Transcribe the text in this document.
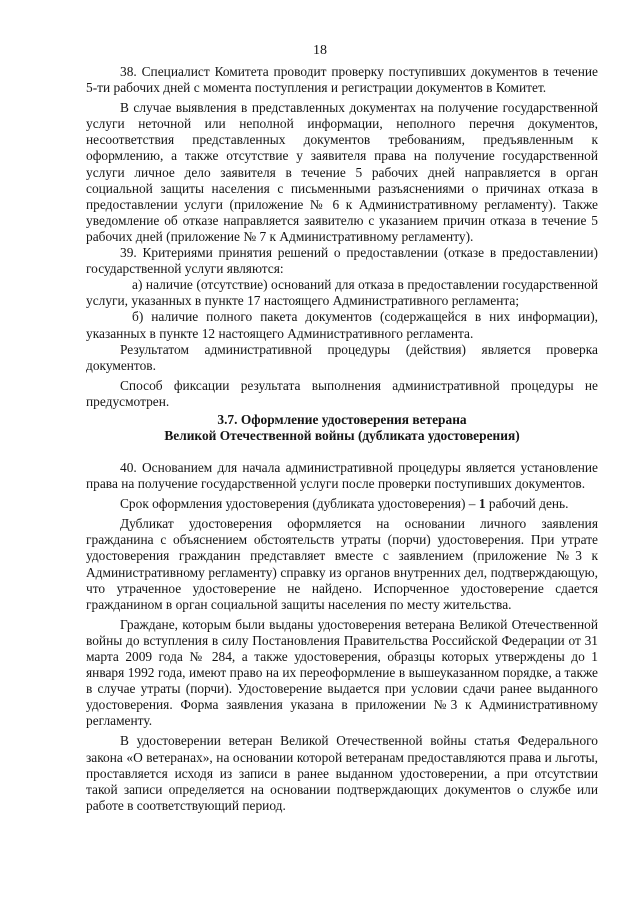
18

38. Специалист Комитета проводит проверку поступивших документов в течение 5-ти рабочих дней с момента поступления и регистрации документов в Комитет.

В случае выявления в представленных документах на получение государственной услуги неточной или неполной информации, неполного перечня документов, несоответствия представленных документов требованиям, предъявленным к оформлению, а также отсутствие у заявителя права на получение государственной услуги личное дело заявителя в течение 5 рабочих дней направляется в орган социальной защиты населения с письменными разъяснениями о причинах отказа в предоставлении услуги (приложение № 6 к Административному регламенту). Также уведомление об отказе направляется заявителю с указанием причин отказа в течение 5 рабочих дней (приложение № 7 к Административному регламенту).

39. Критериями принятия решений о предоставлении (отказе в предоставлении) государственной услуги являются:

а) наличие (отсутствие) оснований для отказа в предоставлении государственной услуги, указанных в пункте 17 настоящего Административного регламента;

б) наличие полного пакета документов (содержащейся в них информации), указанных в пункте 12 настоящего Административного регламента.

Результатом административной процедуры (действия) является проверка документов.

Способ фиксации результата выполнения административной процедуры не предусмотрен.

3.7. Оформление удостоверения ветерана
Великой Отечественной войны (дубликата удостоверения)

40. Основанием для начала административной процедуры является установление права на получение государственной услуги после проверки поступивших документов.

Срок оформления удостоверения (дубликата удостоверения) – 1 рабочий день.

Дубликат удостоверения оформляется на основании личного заявления гражданина с объяснением обстоятельств утраты (порчи) удостоверения. При утрате удостоверения гражданин представляет вместе с заявлением (приложение №3 к Административному регламенту) справку из органов внутренних дел, подтверждающую, что утраченное удостоверение не найдено. Испорченное удостоверение сдается гражданином в орган социальной защиты населения по месту жительства.

Граждане, которым были выданы удостоверения ветерана Великой Отечественной войны до вступления в силу Постановления Правительства Российской Федерации от 31 марта 2009 года № 284, а также удостоверения, образцы которых утверждены до 1 января 1992 года, имеют право на их переоформление в вышеуказанном порядке, а также в случае утраты (порчи). Удостоверение выдается при условии сдачи ранее выданного удостоверения. Форма заявления указана в приложении №3 к Административному регламенту.

В удостоверении ветеран Великой Отечественной войны статья Федерального закона «О ветеранах», на основании которой ветеранам предоставляются права и льготы, проставляется исходя из записи в ранее выданном удостоверении, а при отсутствии такой записи определяется на основании подтверждающих документов о службе или работе в соответствующий период.
